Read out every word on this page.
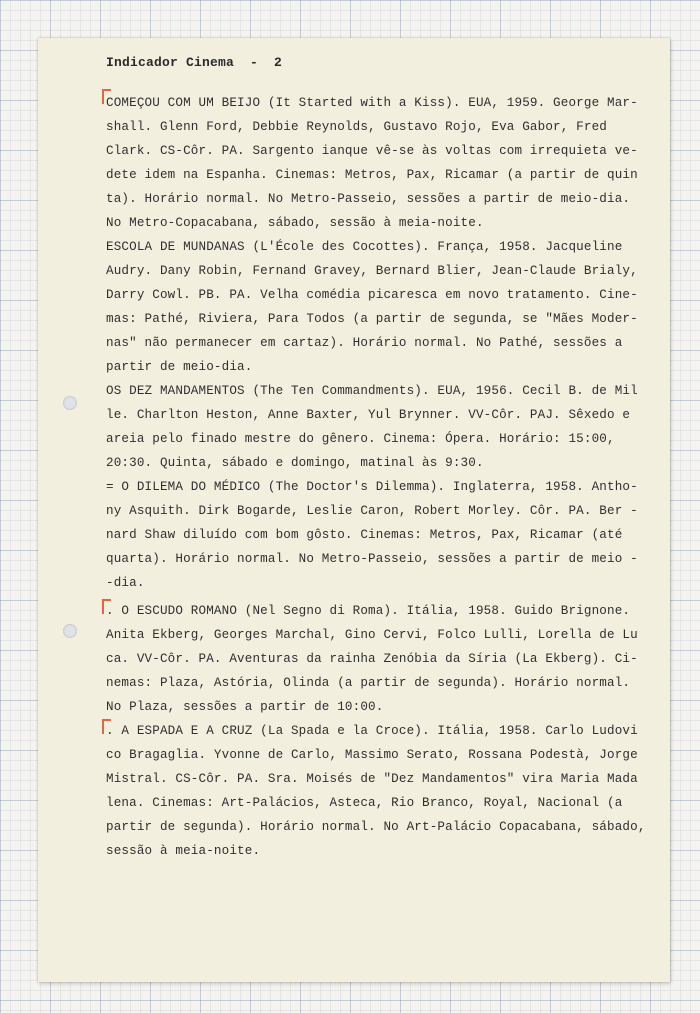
Indicador Cinema  -  2
COMEÇOU COM UM BEIJO (It Started with a Kiss). EUA, 1959. George Mar-
shall. Glenn Ford, Debbie Reynolds, Gustavo Rojo, Eva Gabor, Fred
Clark. CS-Côr. PA. Sargento ianque vê-se às voltas com irrequieta ve-
dete idem na Espanha. Cinemas: Metros, Pax, Ricamar (a partir de quin
ta). Horário normal. No Metro-Passeio, sessões a partir de meio-dia.
No Metro-Copacabana, sábado, sessão à meia-noite.
ESCOLA DE MUNDANAS (L'École des Cocottes). França, 1958. Jacqueline
Audry. Dany Robin, Fernand Gravey, Bernard Blier, Jean-Claude Brialy,
Darry Cowl. PB. PA. Velha comédia picaresca em novo tratamento. Cine-
mas: Pathé, Riviera, Para Todos (a partir de segunda, se "Mães Moder-
nas" não permanecer em cartaz). Horário normal. No Pathé, sessões a
partir de meio-dia.
OS DEZ MANDAMENTOS (The Ten Commandments). EUA, 1956. Cecil B. de Mil
le. Charlton Heston, Anne Baxter, Yul Brynner. VV-Côr. PAJ. Sêxedo e
areia pelo finado mestre do gênero. Cinema: Ópera. Horário: 15:00,
20:30. Quinta, sábado e domingo, matinal às 9:30.
= O DILEMA DO MÉDICO (The Doctor's Dilemma). Inglaterra, 1958. Antho-
ny Asquith. Dirk Bogarde, Leslie Caron, Robert Morley. Côr. PA. Ber -
nard Shaw diluído com bom gôsto. Cinemas: Metros, Pax, Ricamar (até
quarta). Horário normal. No Metro-Passeio, sessões a partir de meio -
-dia.
. O ESCUDO ROMANO (Nel Segno di Roma). Itália, 1958. Guido Brignone.
Anita Ekberg, Georges Marchal, Gino Cervi, Folco Lulli, Lorella de Lu
ca. VV-Côr. PA. Aventuras da rainha Zenóbia da Síria (La Ekberg). Ci-
nemas: Plaza, Astória, Olinda (a partir de segunda). Horário normal.
No Plaza, sessões a partir de 10:00.
. A ESPADA E A CRUZ (La Spada e la Croce). Itália, 1958. Carlo Ludovi
co Bragaglia. Yvonne de Carlo, Massimo Serato, Rossana Podestà, Jorge
Mistral. CS-Côr. PA. Sra. Moisés de "Dez Mandamentos" vira Maria Mada
lena. Cinemas: Art-Palácios, Asteca, Rio Branco, Royal, Nacional (a
partir de segunda). Horário normal. No Art-Palácio Copacabana, sábado,
sessão à meia-noite.
